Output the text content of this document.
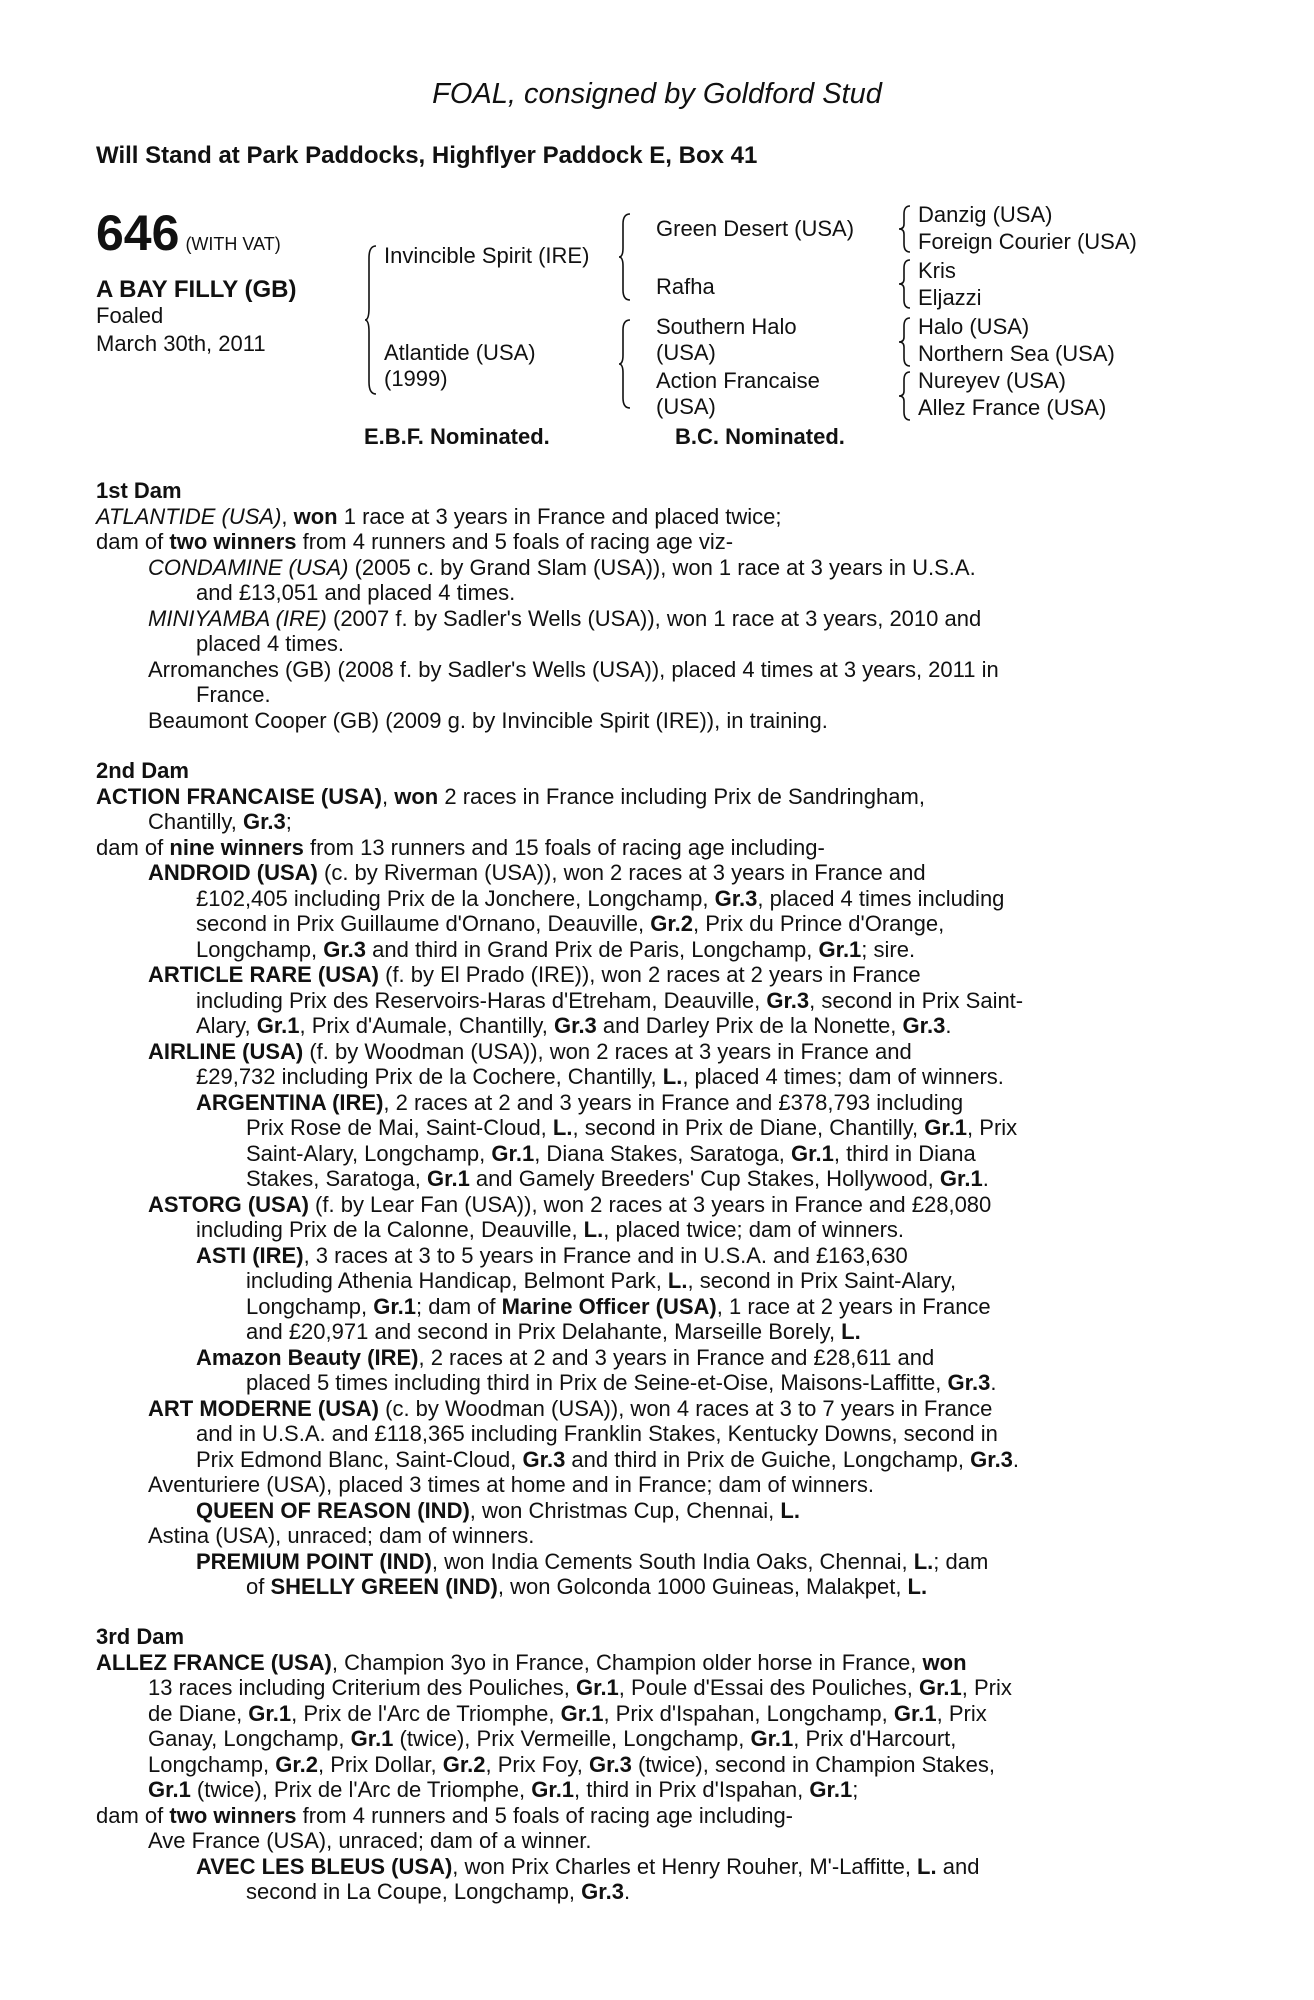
FOAL, consigned by Goldford Stud
Will Stand at Park Paddocks, Highflyer Paddock E, Box 41
646 (WITH VAT)
A BAY FILLY (GB)
Foaled
March 30th, 2011
Invincible Spirit (IRE)
Atlantide (USA)
(1999)
Green Desert (USA)
Rafha
Southern Halo
(USA)
Action Francaise
(USA)
Danzig (USA)
Foreign Courier (USA)
Kris
Eljazzi
Halo (USA)
Northern Sea (USA)
Nureyev (USA)
Allez France (USA)
E.B.F. Nominated.	B.C. Nominated.
1st Dam
ATLANTIDE (USA), won 1 race at 3 years in France and placed twice;
dam of two winners from 4 runners and 5 foals of racing age viz-
CONDAMINE (USA) (2005 c. by Grand Slam (USA)), won 1 race at 3 years in U.S.A.
and £13,051 and placed 4 times.
MINIYAMBA (IRE) (2007 f. by Sadler's Wells (USA)), won 1 race at 3 years, 2010 and
placed 4 times.
Arromanches (GB) (2008 f. by Sadler's Wells (USA)), placed 4 times at 3 years, 2011 in
France.
Beaumont Cooper (GB) (2009 g. by Invincible Spirit (IRE)), in training.
2nd Dam
ACTION FRANCAISE (USA), won 2 races in France including Prix de Sandringham,
Chantilly, Gr.3;
dam of nine winners from 13 runners and 15 foals of racing age including-
ANDROID (USA) (c. by Riverman (USA)), won 2 races at 3 years in France and
£102,405 including Prix de la Jonchere, Longchamp, Gr.3, placed 4 times including
second in Prix Guillaume d'Ornano, Deauville, Gr.2, Prix du Prince d'Orange,
Longchamp, Gr.3 and third in Grand Prix de Paris, Longchamp, Gr.1; sire.
ARTICLE RARE (USA) (f. by El Prado (IRE)), won 2 races at 2 years in France
including Prix des Reservoirs-Haras d'Etreham, Deauville, Gr.3, second in Prix Saint-
Alary, Gr.1, Prix d'Aumale, Chantilly, Gr.3 and Darley Prix de la Nonette, Gr.3.
AIRLINE (USA) (f. by Woodman (USA)), won 2 races at 3 years in France and
£29,732 including Prix de la Cochere, Chantilly, L., placed 4 times; dam of winners.
ARGENTINA (IRE), 2 races at 2 and 3 years in France and £378,793 including
Prix Rose de Mai, Saint-Cloud, L., second in Prix de Diane, Chantilly, Gr.1, Prix
Saint-Alary, Longchamp, Gr.1, Diana Stakes, Saratoga, Gr.1, third in Diana
Stakes, Saratoga, Gr.1 and Gamely Breeders' Cup Stakes, Hollywood, Gr.1.
ASTORG (USA) (f. by Lear Fan (USA)), won 2 races at 3 years in France and £28,080
including Prix de la Calonne, Deauville, L., placed twice; dam of winners.
ASTI (IRE), 3 races at 3 to 5 years in France and in U.S.A. and £163,630
including Athenia Handicap, Belmont Park, L., second in Prix Saint-Alary,
Longchamp, Gr.1; dam of Marine Officer (USA), 1 race at 2 years in France
and £20,971 and second in Prix Delahante, Marseille Borely, L.
Amazon Beauty (IRE), 2 races at 2 and 3 years in France and £28,611 and
placed 5 times including third in Prix de Seine-et-Oise, Maisons-Laffitte, Gr.3.
ART MODERNE (USA) (c. by Woodman (USA)), won 4 races at 3 to 7 years in France
and in U.S.A. and £118,365 including Franklin Stakes, Kentucky Downs, second in
Prix Edmond Blanc, Saint-Cloud, Gr.3 and third in Prix de Guiche, Longchamp, Gr.3.
Aventuriere (USA), placed 3 times at home and in France; dam of winners.
QUEEN OF REASON (IND), won Christmas Cup, Chennai, L.
Astina (USA), unraced; dam of winners.
PREMIUM POINT (IND), won India Cements South India Oaks, Chennai, L.; dam
of SHELLY GREEN (IND), won Golconda 1000 Guineas, Malakpet, L.
3rd Dam
ALLEZ FRANCE (USA), Champion 3yo in France, Champion older horse in France, won
13 races including Criterium des Pouliches, Gr.1, Poule d'Essai des Pouliches, Gr.1, Prix
de Diane, Gr.1, Prix de l'Arc de Triomphe, Gr.1, Prix d'Ispahan, Longchamp, Gr.1, Prix
Ganay, Longchamp, Gr.1 (twice), Prix Vermeille, Longchamp, Gr.1, Prix d'Harcourt,
Longchamp, Gr.2, Prix Dollar, Gr.2, Prix Foy, Gr.3 (twice), second in Champion Stakes,
Gr.1 (twice), Prix de l'Arc de Triomphe, Gr.1, third in Prix d'Ispahan, Gr.1;
dam of two winners from 4 runners and 5 foals of racing age including-
Ave France (USA), unraced; dam of a winner.
AVEC LES BLEUS (USA), won Prix Charles et Henry Rouher, M'-Laffitte, L. and
second in La Coupe, Longchamp, Gr.3.
